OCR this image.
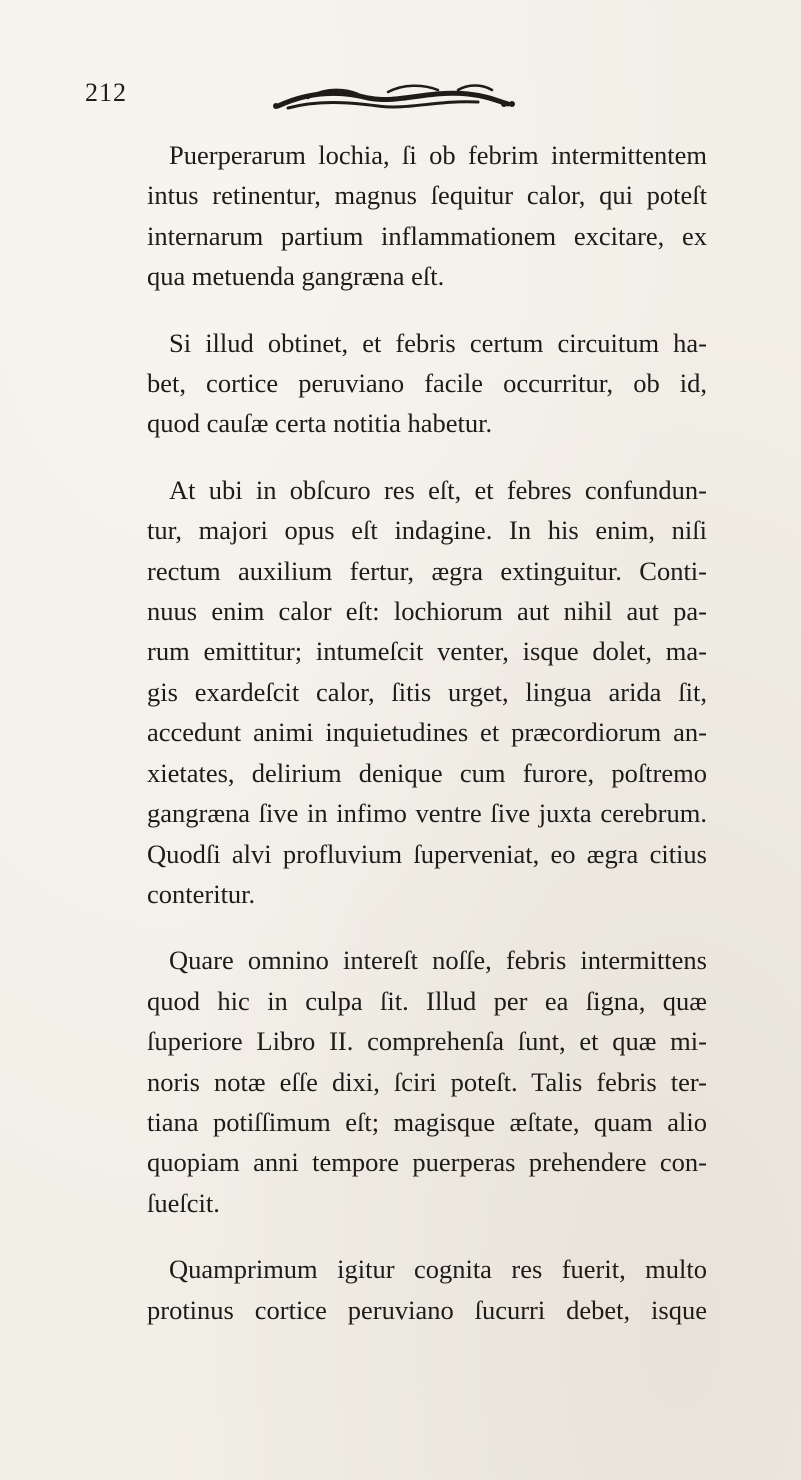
212

Puerperarum lochia, ſi ob febrim intermittentem
intus retinentur, magnus ſequitur calor, qui poteſt
internarum partium inflammationem excitare, ex
qua metuenda gangræna eſt.

Si illud obtinet, et febris certum circuitum ha-
bet, cortice peruviano facile occurritur, ob id,
quod cauſæ certa notitia habetur.

At ubi in obſcuro res eſt, et febres confundun-
tur, majori opus eſt indagine. In his enim, niſi
rectum auxilium fertur, ægra extinguitur. Conti-
nuus enim calor eſt: lochiorum aut nihil aut pa-
rum emittitur; intumeſcit venter, isque dolet, ma-
gis exardeſcit calor, ſitis urget, lingua arida ſit,
accedunt animi inquietudines et præcordiorum an-
xietates, delirium denique cum furore, poſtremo
gangræna ſive in infimo ventre ſive juxta cerebrum.
Quodſi alvi profluvium ſuperveniat, eo ægra citius
conteritur.

Quare omnino intereſt noſſe, febris intermittens
quod hic in culpa ſit. Illud per ea ſigna, quæ
ſuperiore Libro II. comprehenſa ſunt, et quæ mi-
noris notæ eſſe dixi, ſciri poteſt. Talis febris ter-
tiana potiſſimum eſt; magisque æſtate, quam alio
quopiam anni tempore puerperas prehendere con-
ſueſcit.

Quamprimum igitur cognita res fuerit, multo
protinus cortice peruviano ſucurri debet, isque
